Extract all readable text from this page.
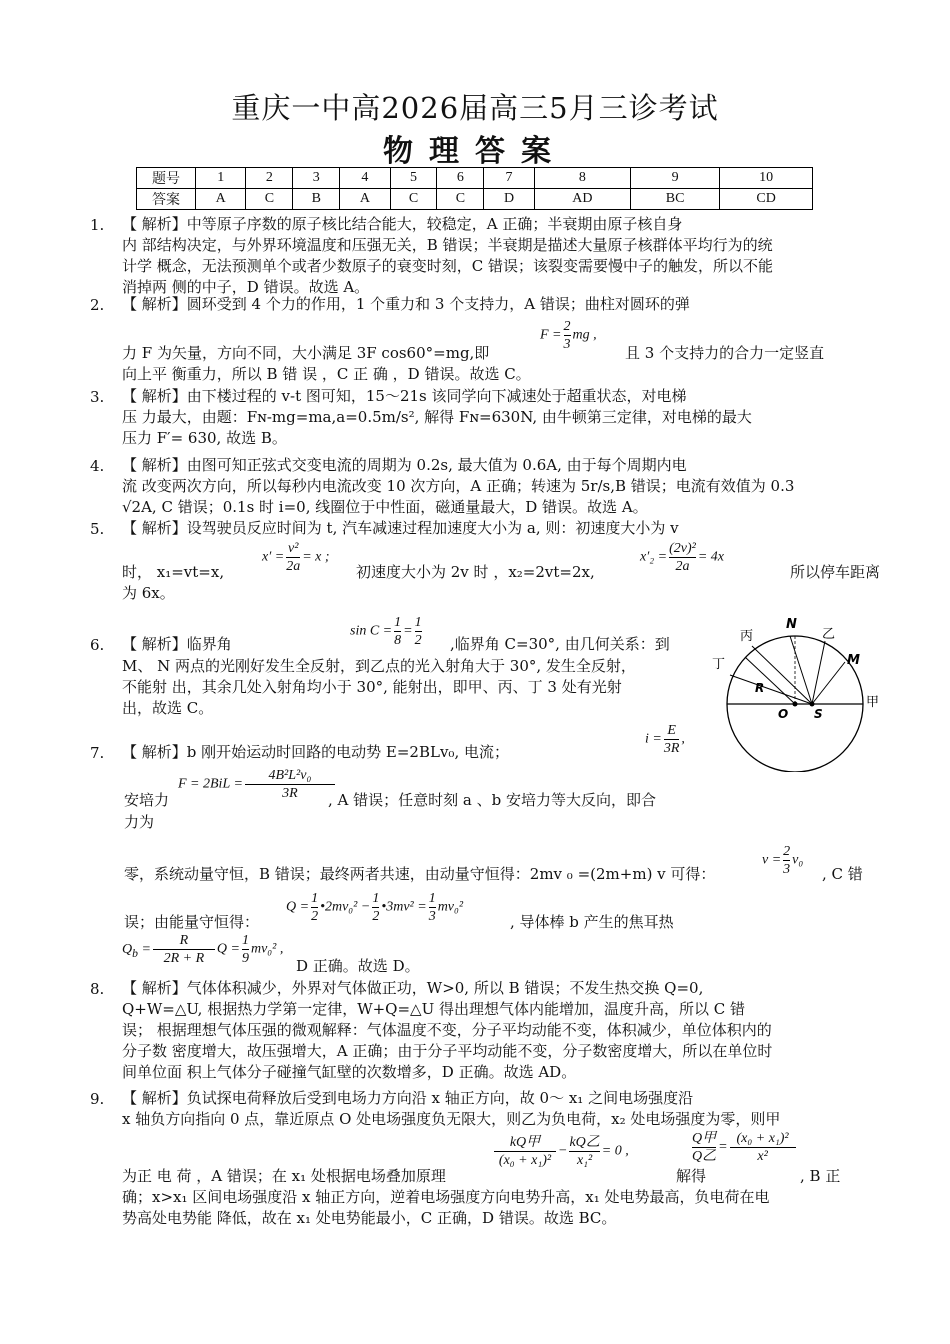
重庆一中高2026届高三5月三诊考试
物理答案
题号	1	2	3	4	5	6	7	8	9	10
答案	A	C	B	A	C	C	D	AD	BC	CD
1. 【 解析】中等原子序数的原子核比结合能大，较稳定，A 正确；半衰期由原子核自身
内 部结构决定，与外界环境温度和压强无关，B 错误；半衰期是描述大量原子核群体平均行为的统
计学 概念，无法预测单个或者少数原子的衰变时刻，C 错误；该裂变需要慢中子的触发，所以不能
消掉两 侧的中子，D 错误。故选 A。
2. 【 解析】圆环受到 4 个力的作用，1 个重力和 3 个支持力，A 错误；曲柱对圆环的弹
$F = \frac{2}{3}$ mg ,
力 F 为矢量，方向不同，大小满足 3F cos60°=mg,即	且 3 个支持力的合力一定竖直
向上平 衡重力，所以 B 错 误 ，C 正 确 ，D 错误。故选 C。
3. 【 解析】由下楼过程的 v-t 图可知，15～21s 该同学向下减速处于超重状态，对电梯
压 力最大，由题：Fɴ-mg=ma,a=0.5m/s², 解得 Fɴ=630N, 由牛顿第三定律，对电梯的最大
压力 F′= 630, 故选 B。
4. 【 解析】由图可知正弦式交变电流的周期为 0.2s, 最大值为 0.6A, 由于每个周期内电
流 改变两次方向，所以每秒内电流改变 10 次方向，A 正确；转速为 5r/s,B 错误；电流有效值为 0.3
√2A, C 错误；0.1s 时 i=0, 线圈位于中性面，磁通量最大，D 错误。故选 A。
5. 【 解析】设驾驶员反应时间为 t, 汽车减速过程加速度大小为 a, 则：初速度大小为 v
时， x₁=vt=x,
$x' = \frac{\text{v²}}{2a} = x$ ;
初速度大小为 2v 时 ，x₂=2vt=2x,
$x'_2 = \frac{\text{(2v)²}}{2a} = 4x$
所以停车距离
为 6x。
6. 【 解析】临界角
$\sin C = \frac{1}{8} = \frac{1}{2}$ ,临界角 C=30°, 由几何关系：到
M、 N 两点的光刚好发生全反射，到乙点的光入射角大于 30°, 发生全反射，
不能射 出，其余几处入射角均小于 30°, 能射出，即甲、丙、丁 3 处有光射
出，故选 C。
丙
N
乙
M
丁
R
O S
甲
7. 【 解析】b 刚开始运动时回路的电动势 E=2BLv₀, 电流；
$i = \frac{E}{3R}$ ,
安培力
$F = 2BiL = \frac{\text{4B²L²v₀}}{3R}$
, A 错误；任意时刻 a 、b 安培力等大反向，即合
力为
零，系统动量守恒，B 错误；最终两者共速，由动量守恒得：2mv ₀ =(2m+m) v 可得：
$v = \frac{2}{3} v_0$
, C 错
误；由能量守恒得：
$Q = \frac{1}{2}$ •2mv₀² − $\frac{1}{2}$ •3mv² = $\frac{1}{3} mv_0^2$
, 导体棒 b 产生的焦耳热
$Q_b = \frac{R}{2R + R}$ $Q = \frac{1}{9} mv_0^2$ ,
D 正确。故选 D。
8. 【 解析】气体体积减少，外界对气体做正功，W>0, 所以 B 错误；不发生热交换 Q=0,
Q+W=△U, 根据热力学第一定律，W+Q=△U 得出理想气体内能增加，温度升高，所以 C 错
误； 根据理想气体压强的微观解释：气体温度不变，分子平均动能不变，体积减少，单位体积内的
分子数 密度增大，故压强增大，A 正确；由于分子平均动能不变，分子数密度增大，所以在单位时
间单位面 积上气体分子碰撞气缸壁的次数增多，D 正确。故选 AD。
9. 【 解析】负试探电荷释放后受到电场力方向沿 x 轴正方向，故 0～ x₁ 之间电场强度沿
x 轴负方向指向 0 点，靠近原点 O 处电场强度负无限大，则乙为负电荷，x₂ 处电场强度为零，则甲
为正 电 荷 ，A 错误；在 x₁ 处根据电场叠加原理
$\frac{\text{kQ甲}}{\text{(x₀ + x₁)²}} - \frac{\text{kQ乙}}{\text{x₁²}} = 0$ ,
解得
$\frac{\text{Q甲}}{\text{Q乙}} = \frac{\text{(x₀ + x₁)²}}{\text{x²}}$
, B 正
确；x>x₁ 区间电场强度沿 x 轴正方向，逆着电场强度方向电势升高，x₁ 处电势最高，负电荷在电
势高处电势能 降低，故在 x₁ 处电势能最小，C 正确，D 错误。故选 BC。
